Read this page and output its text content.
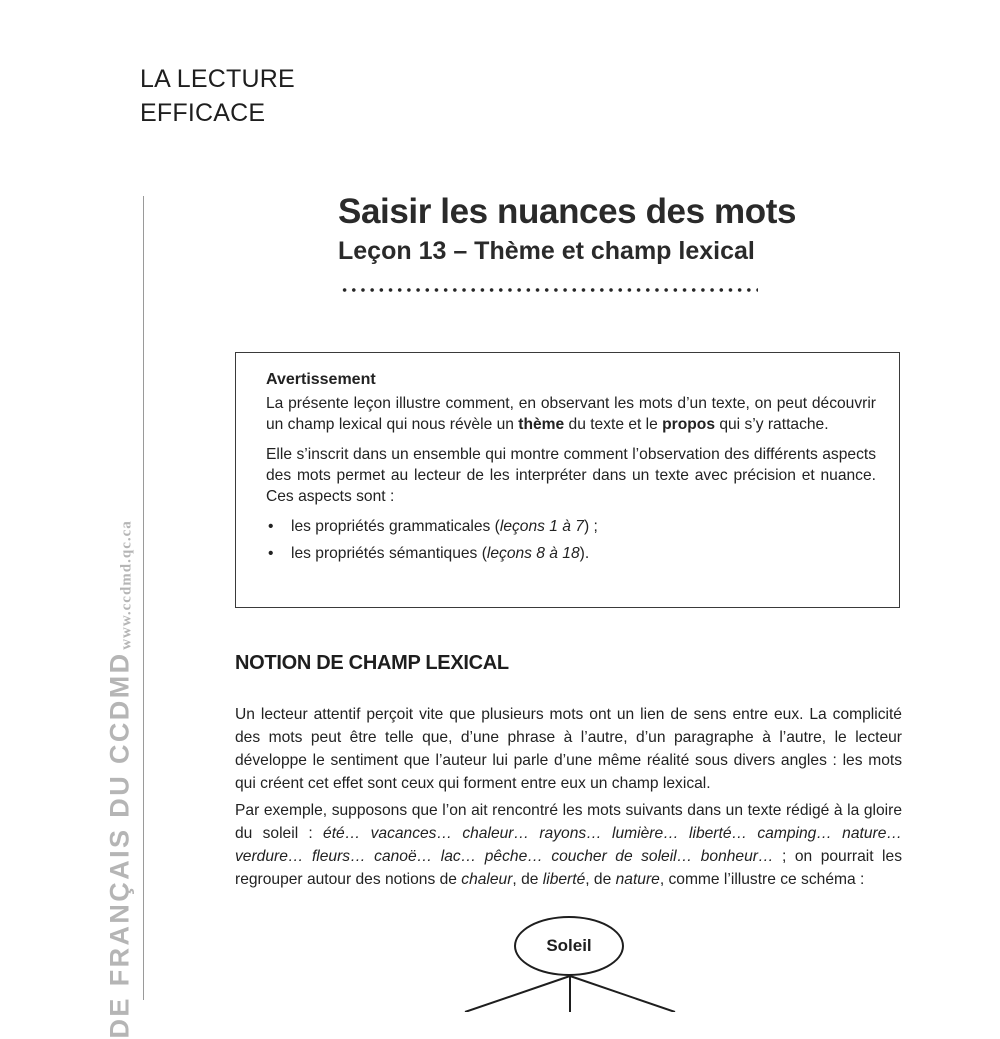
LA LECTURE
EFFICACE
www.ccdmd.qc.ca
DE FRANÇAIS DU CCDMD
Saisir les nuances des mots
Leçon 13 – Thème et champ lexical
Avertissement

La présente leçon illustre comment, en observant les mots d’un texte, on peut découvrir un champ lexical qui nous révèle un thème du texte et le propos qui s’y rattache.

Elle s’inscrit dans un ensemble qui montre comment l’observation des différents aspects des mots permet au lecteur de les interpréter dans un texte avec précision et nuance. Ces aspects sont :

• les propriétés grammaticales (leçons 1 à 7) ;
• les propriétés sémantiques (leçons 8 à 18).
NOTION DE CHAMP LEXICAL

Un lecteur attentif perçoit vite que plusieurs mots ont un lien de sens entre eux. La complicité des mots peut être telle que, d’une phrase à l’autre, d’un paragraphe à l’autre, le lecteur développe le sentiment que l’auteur lui parle d’une même réalité sous divers angles : les mots qui créent cet effet sont ceux qui forment entre eux un champ lexical.

Par exemple, supposons que l’on ait rencontré les mots suivants dans un texte rédigé à la gloire du soleil : été… vacances… chaleur… rayons… lumière… liberté… camping… nature… verdure… fleurs… canoë… lac… pêche… coucher de soleil… bonheur… ; on pourrait les regrouper autour des notions de chaleur, de liberté, de nature, comme l’illustre ce schéma :

Soleil
